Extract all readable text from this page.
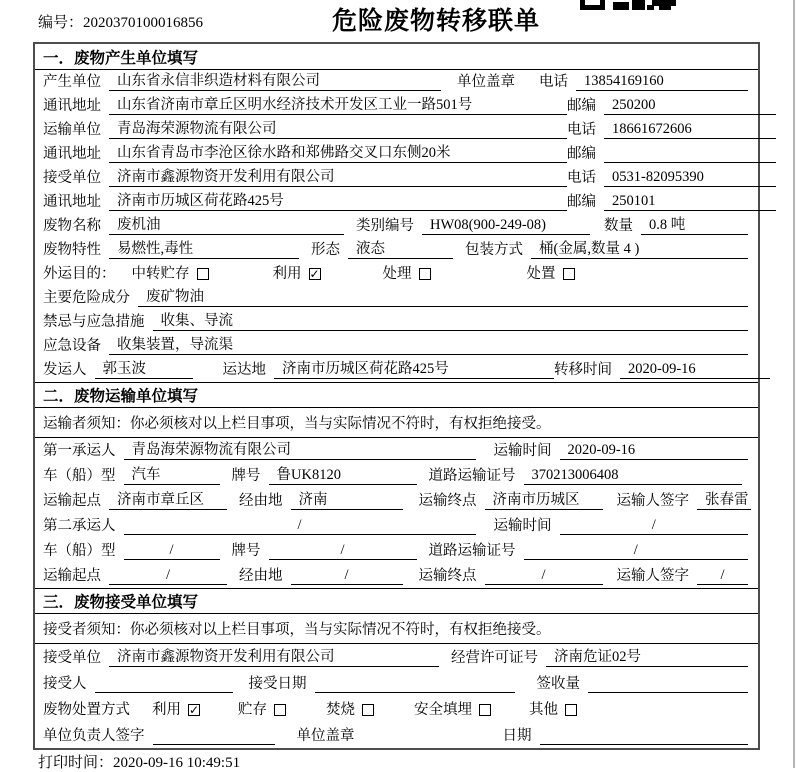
编号：2020370100016856	危险废物转移联单
一．废物产生单位填写
产生单位	山东省永信非织造材料有限公司	单位盖章 电话	13854169160
通讯地址	山东省济南市章丘区明水经济技术开发区工业一路501号	邮编	250200
运输单位	青岛海荣源物流有限公司	电话	18661672606
通讯地址	山东省青岛市李沧区徐水路和郑佛路交叉口东侧20米	邮编
接受单位	济南市鑫源物资开发利用有限公司	电话	0531-82095390
通讯地址	济南市历城区荷花路425号	邮编	250101
废物名称	废机油	类别编号	HW08(900-249-08)	数量	0.8 吨
废物特性	易燃性,毒性	形态	液态	包装方式	桶(金属,数量 4 )
外运目的： 中转贮存	利用 ✓	处理	处置
主要危险成分	废矿物油
禁忌与应急措施	收集、导流
应急设备	收集装置，导流渠
发运人	郭玉波	运达地	济南市历城区荷花路425号	转移时间	2020-09-16
二．废物运输单位填写
运输者须知：你必须核对以上栏目事项，当与实际情况不符时，有权拒绝接受。
第一承运人	青岛海荣源物流有限公司	运输时间	2020-09-16
车（船）型	汽车	牌号	鲁UK8120	道路运输证号	370213006408
运输起点	济南市章丘区	经由地	济南	运输终点	济南市历城区	运输人签字	张春雷
第二承运人	/	运输时间	/
车（船）型	/	牌号	/	道路运输证号	/
运输起点	/	经由地	/	运输终点	/	运输人签字	/
三．废物接受单位填写
接受者须知：你必须核对以上栏目事项，当与实际情况不符时，有权拒绝接受。
接受单位	济南市鑫源物资开发利用有限公司	经营许可证号	济南危证02号
接受人	接受日期	签收量
废物处置方式 利用 ✓	贮存	焚烧	安全填埋	其他
单位负责人签字	单位盖章	日期
打印时间：2020-09-16 10:49:51
